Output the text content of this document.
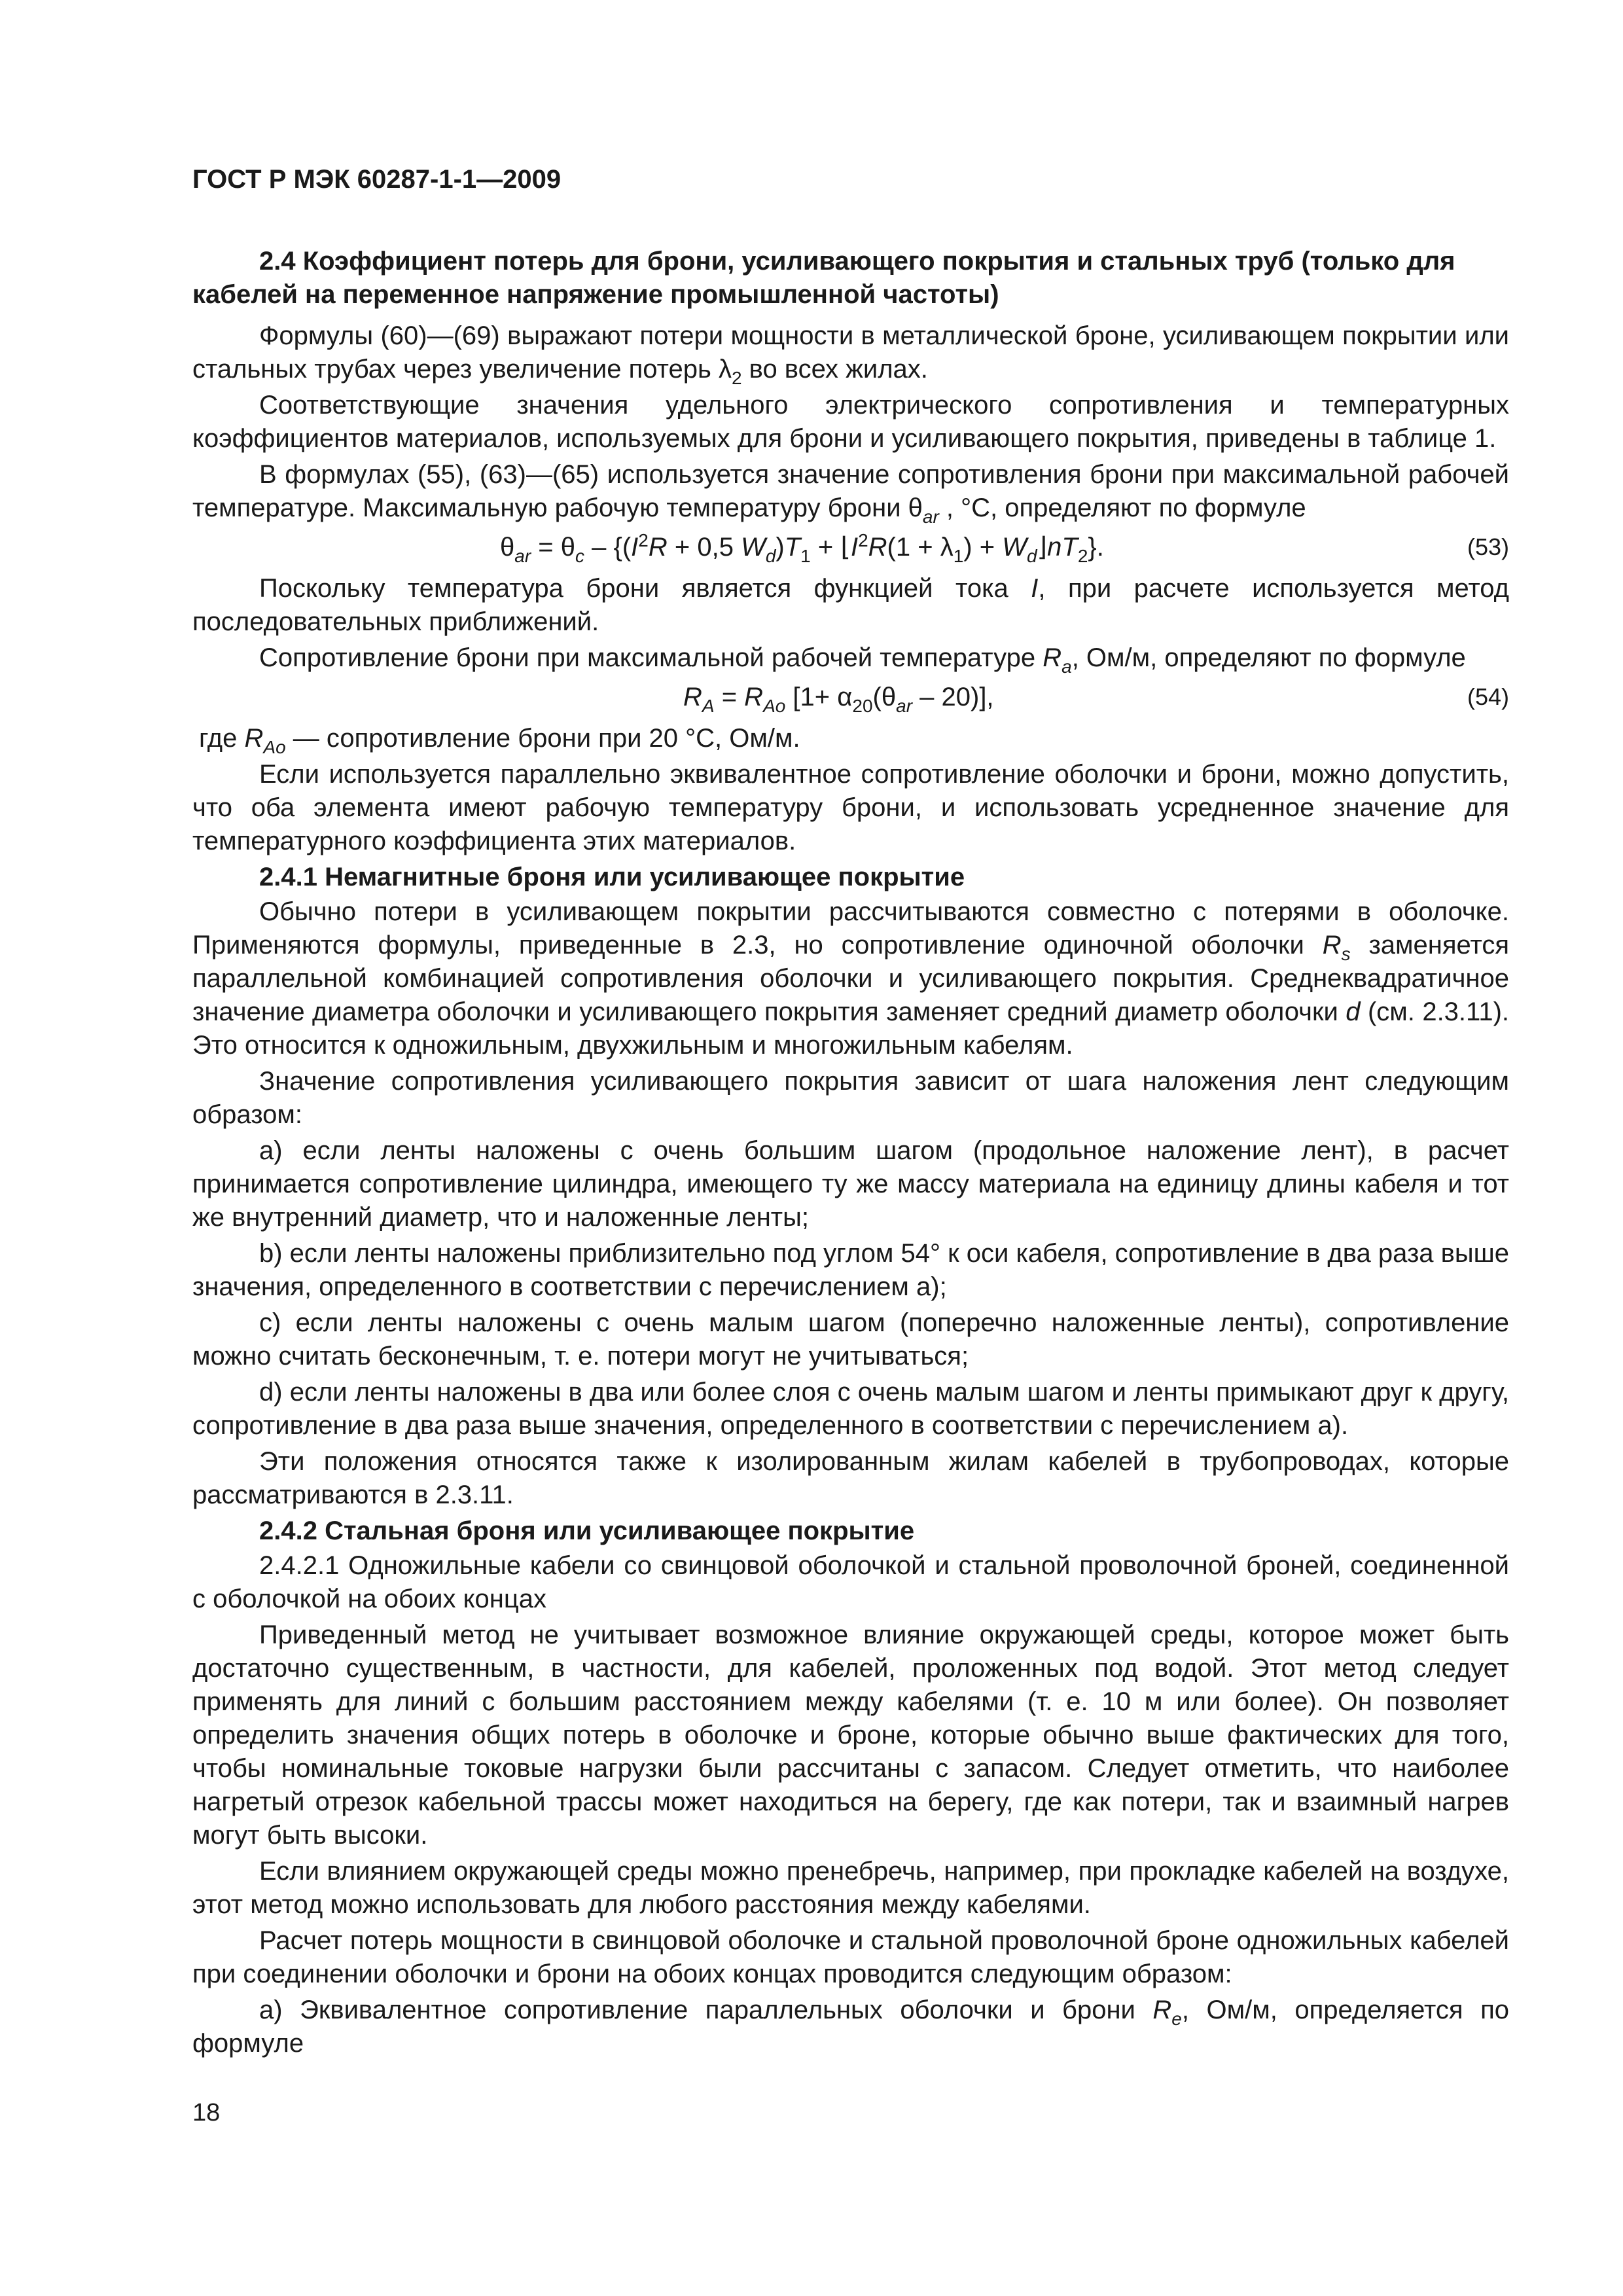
ГОСТ Р МЭК 60287-1-1—2009
2.4 Коэффициент потерь для брони, усиливающего покрытия и стальных труб (только для кабелей на переменное напряжение промышленной частоты)

Формулы (60)—(69) выражают потери мощности в металлической броне, усиливающем покрытии или стальных трубах через увеличение потерь $\lambda_2$ во всех жилах.

Соответствующие значения удельного электрического сопротивления и температурных коэффициентов материалов, используемых для брони и усиливающего покрытия, приведены в таблице 1.

В формулах (55), (63)—(65) используется значение сопротивления брони при максимальной рабочей температуре. Максимальную рабочую температуру брони $\theta_{ar}$ , °С, определяют по формуле

$\theta_{ar} = \theta_c - \{(I^2R + 0,5$ $W_d)T_1$ + $⌊I^2R(1 + \lambda_1)$ + $W_d⌋nT_2$}.	(53)

Поскольку температура брони является функцией тока I, при расчете используется метод последовательных приближений.

Сопротивление брони при максимальной рабочей температуре $R_a$, Ом/м, определяют по формуле

$R_A = R_{Ao}$ $[1+ \alpha_{20}(\theta_{ar} - 20)]$,	(54)

где $R_{Ao}$ — сопротивление брони при 20 °С, Ом/м.

Если используется параллельно эквивалентное сопротивление оболочки и брони, можно допустить, что оба элемента имеют рабочую температуру брони, и использовать усредненное значение для температурного коэффициента этих материалов.

2.4.1 Немагнитные броня или усиливающее покрытие

Обычно потери в усиливающем покрытии рассчитываются совместно с потерями в оболочке. Применяются формулы, приведенные в 2.3, но сопротивление одиночной оболочки $R_s$ заменяется параллельной комбинацией сопротивления оболочки и усиливающего покрытия. Среднеквадратичное значение диаметра оболочки и усиливающего покрытия заменяет средний диаметр оболочки d (см. 2.3.11). Это относится к одножильным, двухжильным и многожильным кабелям.

Значение сопротивления усиливающего покрытия зависит от шага наложения лент следующим образом:

а) если ленты наложены с очень большим шагом (продольное наложение лент), в расчет принимается сопротивление цилиндра, имеющего ту же массу материала на единицу длины кабеля и тот же внутренний диаметр, что и наложенные ленты;

b) если ленты наложены приблизительно под углом 54° к оси кабеля, сопротивление в два раза выше значения, определенного в соответствии с перечислением а);

с) если ленты наложены с очень малым шагом (поперечно наложенные ленты), сопротивление можно считать бесконечным, т. е. потери могут не учитываться;

d) если ленты наложены в два или более слоя с очень малым шагом и ленты примыкают друг к другу, сопротивление в два раза выше значения, определенного в соответствии с перечислением а).

Эти положения относятся также к изолированным жилам кабелей в трубопроводах, которые рассматриваются в 2.3.11.

2.4.2 Стальная броня или усиливающее покрытие

2.4.2.1 Одножильные кабели со свинцовой оболочкой и стальной проволочной броней, соединенной с оболочкой на обоих концах

Приведенный метод не учитывает возможное влияние окружающей среды, которое может быть достаточно существенным, в частности, для кабелей, проложенных под водой. Этот метод следует применять для линий с большим расстоянием между кабелями (т. е. 10 м или более). Он позволяет определить значения общих потерь в оболочке и броне, которые обычно выше фактических для того, чтобы номинальные токовые нагрузки были рассчитаны с запасом. Следует отметить, что наиболее нагретый отрезок кабельной трассы может находиться на берегу, где как потери, так и взаимный нагрев могут быть высоки.

Если влиянием окружающей среды можно пренебречь, например, при прокладке кабелей на воздухе, этот метод можно использовать для любого расстояния между кабелями.

Расчет потерь мощности в свинцовой оболочке и стальной проволочной броне одножильных кабелей при соединении оболочки и брони на обоих концах проводится следующим образом:

а) Эквивалентное сопротивление параллельных оболочки и брони $R_e$, Ом/м, определяется по формуле

18
